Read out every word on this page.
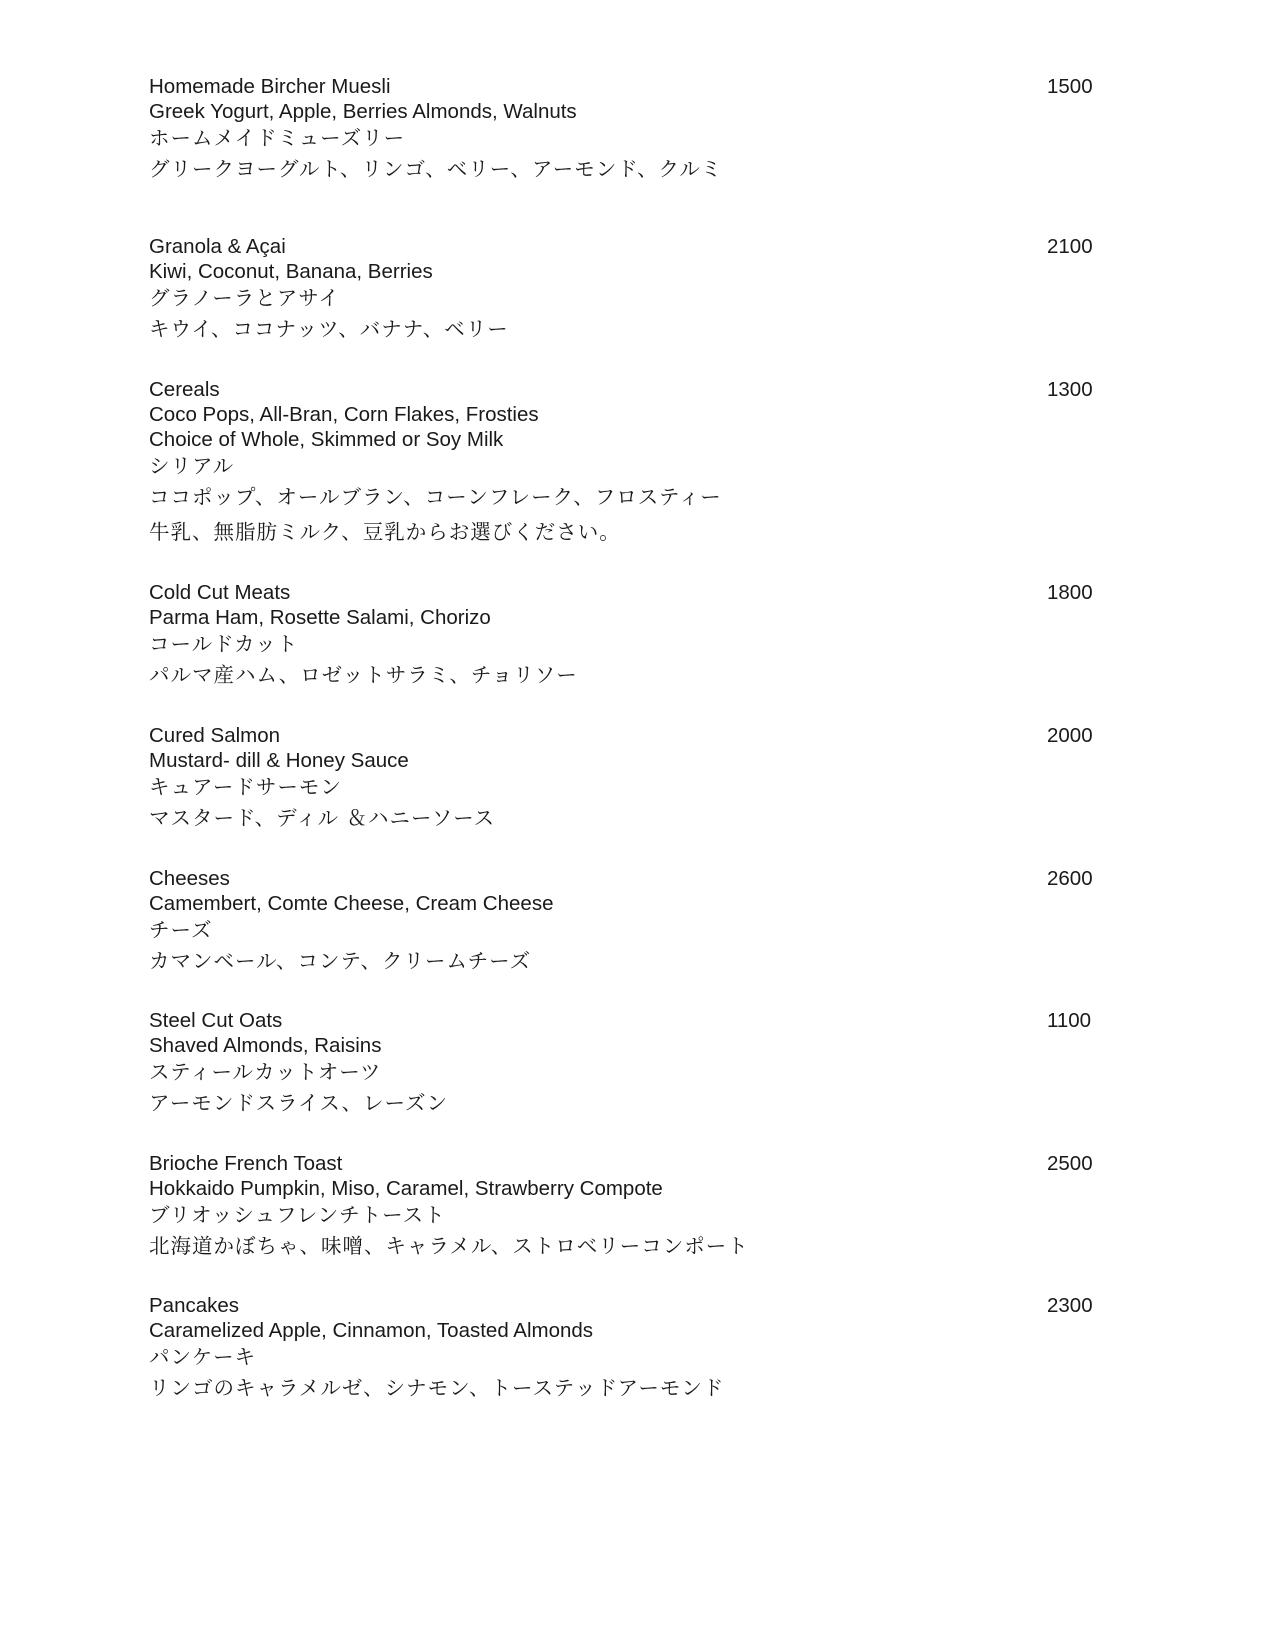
Homemade Bircher Muesli
Greek Yogurt, Apple, Berries Almonds, Walnuts
ホームメイドミューズリー
グリークヨーグルト、リンゴ、ベリー、アーモンド、クルミ
1500
Granola & Açai
Kiwi, Coconut, Banana, Berries
グラノーラとアサイ
キウイ、ココナッツ、バナナ、ベリー
2100
Cereals
Coco Pops, All-Bran, Corn Flakes, Frosties
Choice of Whole, Skimmed or Soy Milk
シリアル
ココポップ、オールブラン、コーンフレーク、フロスティー
牛乳、無脂肪ミルク、豆乳からお選びください。
1300
Cold Cut Meats
Parma Ham, Rosette Salami, Chorizo
コールドカット
パルマ産ハム、ロゼットサラミ、チョリソー
1800
Cured Salmon
Mustard- dill & Honey Sauce
キュアードサーモン
マスタード、ディル ＆ハニーソース
2000
Cheeses
Camembert, Comte Cheese, Cream Cheese
チーズ
カマンベール、コンテ、クリームチーズ
2600
Steel Cut Oats
Shaved Almonds, Raisins
スティールカットオーツ
アーモンドスライス、レーズン
1100
Brioche French Toast
Hokkaido Pumpkin, Miso, Caramel, Strawberry Compote
ブリオッシュフレンチトースト
北海道かぼちゃ、味噌、キャラメル、ストロベリーコンポート
2500
Pancakes
Caramelized Apple, Cinnamon, Toasted Almonds
パンケーキ
リンゴのキャラメルゼ、シナモン、トーステッドアーモンド
2300
